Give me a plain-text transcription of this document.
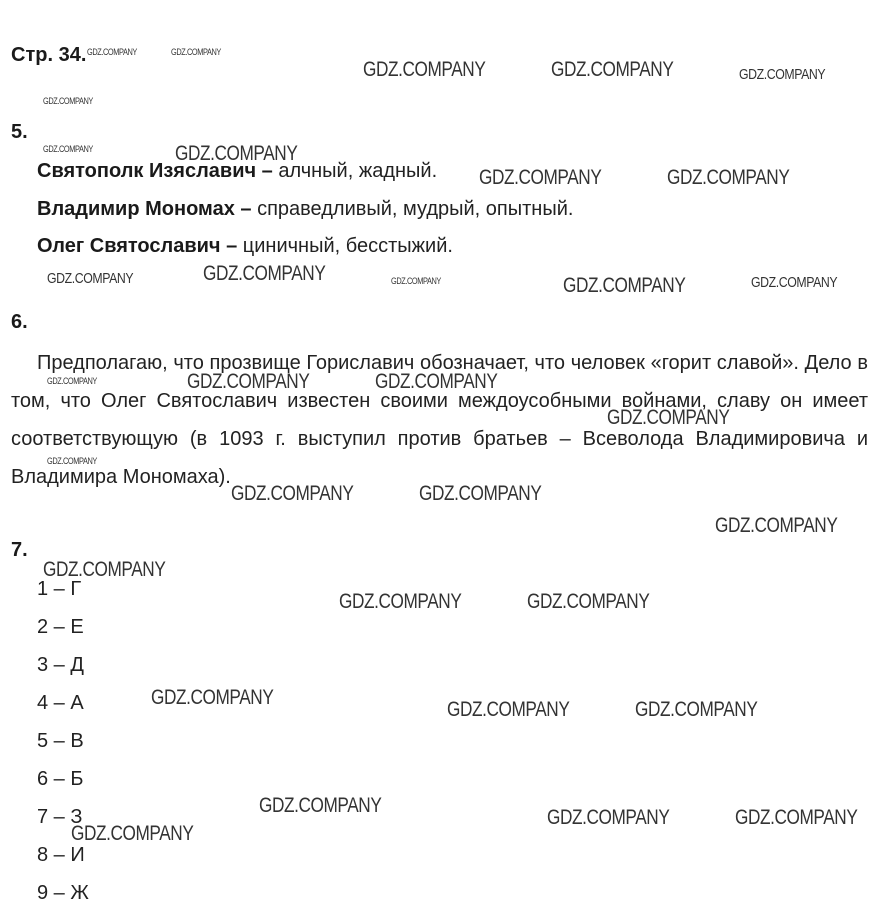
Стр. 34.
5.
Святополк Изяславич – алчный, жадный.
Владимир Мономах – справедливый, мудрый, опытный.
Олег Святославич – циничный, бесстыжий.
6.
Предполагаю, что прозвище Гориславич обозначает, что человек «горит славой». Дело в том, что Олег Святославич известен своими междоусобными войнами, славу он имеет соответствующую (в 1093 г. выступил против братьев – Всеволода Владимировича и Владимира Мономаха).
7.
1 – Г
2 – Е
3 – Д
4 – А
5 – В
6 – Б
7 – З
8 – И
9 – Ж
GDZ.COMPANY	GDZ.COMPANY
GDZ.COMPANY	GDZ.COMPANY	GDZ.COMPANY
GDZ.COMPANY
GDZ.COMPANY	GDZ.COMPANY
GDZ.COMPANY	GDZ.COMPANY
GDZ.COMPANY	GDZ.COMPANY	GDZ.COMPANY	GDZ.COMPANY	GDZ.COMPANY
GDZ.COMPANY	GDZ.COMPANY	GDZ.COMPANY
GDZ.COMPANY
GDZ.COMPANY
GDZ.COMPANY	GDZ.COMPANY
GDZ.COMPANY
GDZ.COMPANY
GDZ.COMPANY	GDZ.COMPANY
GDZ.COMPANY
GDZ.COMPANY	GDZ.COMPANY
GDZ.COMPANY
GDZ.COMPANY	GDZ.COMPANY
GDZ.COMPANY
